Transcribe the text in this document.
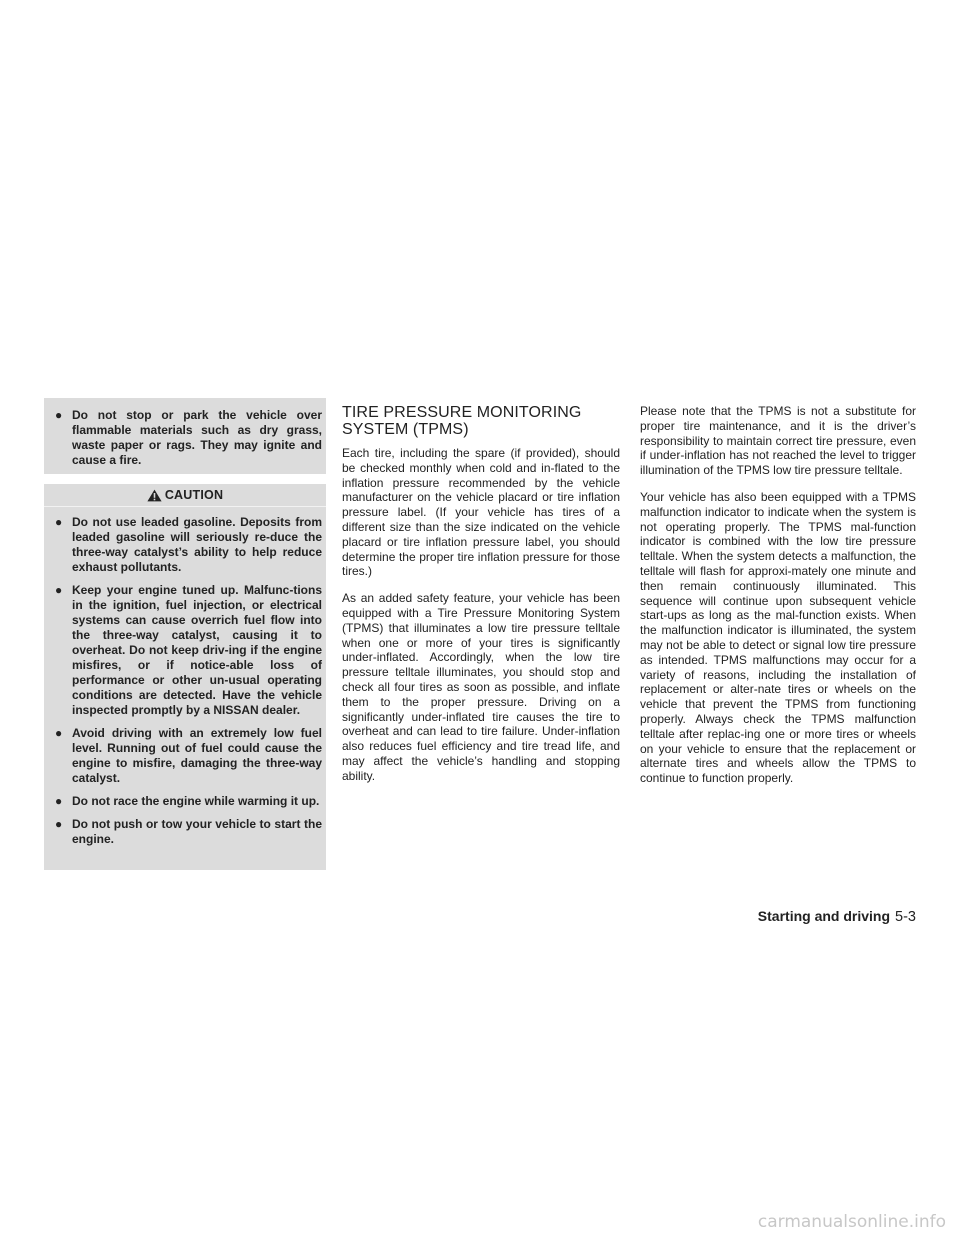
● Do not stop or park the vehicle over flammable materials such as dry grass, waste paper or rags. They may ignite and cause a fire.
CAUTION
● Do not use leaded gasoline. Deposits from leaded gasoline will seriously re-duce the three-way catalyst’s ability to help reduce exhaust pollutants.
● Keep your engine tuned up. Malfunc-tions in the ignition, fuel injection, or electrical systems can cause overrich fuel flow into the three-way catalyst, causing it to overheat. Do not keep driv-ing if the engine misfires, or if notice-able loss of performance or other un-usual operating conditions are detected. Have the vehicle inspected promptly by a NISSAN dealer.
● Avoid driving with an extremely low fuel level. Running out of fuel could cause the engine to misfire, damaging the three-way catalyst.
● Do not race the engine while warming it up.
● Do not push or tow your vehicle to start the engine.
TIRE PRESSURE MONITORING SYSTEM (TPMS)

Each tire, including the spare (if provided), should be checked monthly when cold and in-flated to the inflation pressure recommended by the vehicle manufacturer on the vehicle placard or tire inflation pressure label. (If your vehicle has tires of a different size than the size indicated on the vehicle placard or tire inflation pressure label, you should determine the proper tire inflation pressure for those tires.)

As an added safety feature, your vehicle has been equipped with a Tire Pressure Monitoring System (TPMS) that illuminates a low tire pressure telltale when one or more of your tires is significantly under-inflated. Accordingly, when the low tire pressure telltale illuminates, you should stop and check all four tires as soon as possible, and inflate them to the proper pressure. Driving on a significantly under-inflated tire causes the tire to overheat and can lead to tire failure. Under-inflation also reduces fuel efficiency and tire tread life, and may affect the vehicle’s handling and stopping ability.

Please note that the TPMS is not a substitute for proper tire maintenance, and it is the driver’s responsibility to maintain correct tire pressure, even if under-inflation has not reached the level to trigger illumination of the TPMS low tire pressure telltale.

Your vehicle has also been equipped with a TPMS malfunction indicator to indicate when the system is not operating properly. The TPMS mal-function indicator is combined with the low tire pressure telltale. When the system detects a malfunction, the telltale will flash for approxi-mately one minute and then remain continuously illuminated. This sequence will continue upon subsequent vehicle start-ups as long as the mal-function exists. When the malfunction indicator is illuminated, the system may not be able to detect or signal low tire pressure as intended. TPMS malfunctions may occur for a variety of reasons, including the installation of replacement or alter-nate tires or wheels on the vehicle that prevent the TPMS from functioning properly. Always check the TPMS malfunction telltale after replac-ing one or more tires or wheels on your vehicle to ensure that the replacement or alternate tires and wheels allow the TPMS to continue to function properly.

Starting and driving 5-3
carmanualsonline.info
